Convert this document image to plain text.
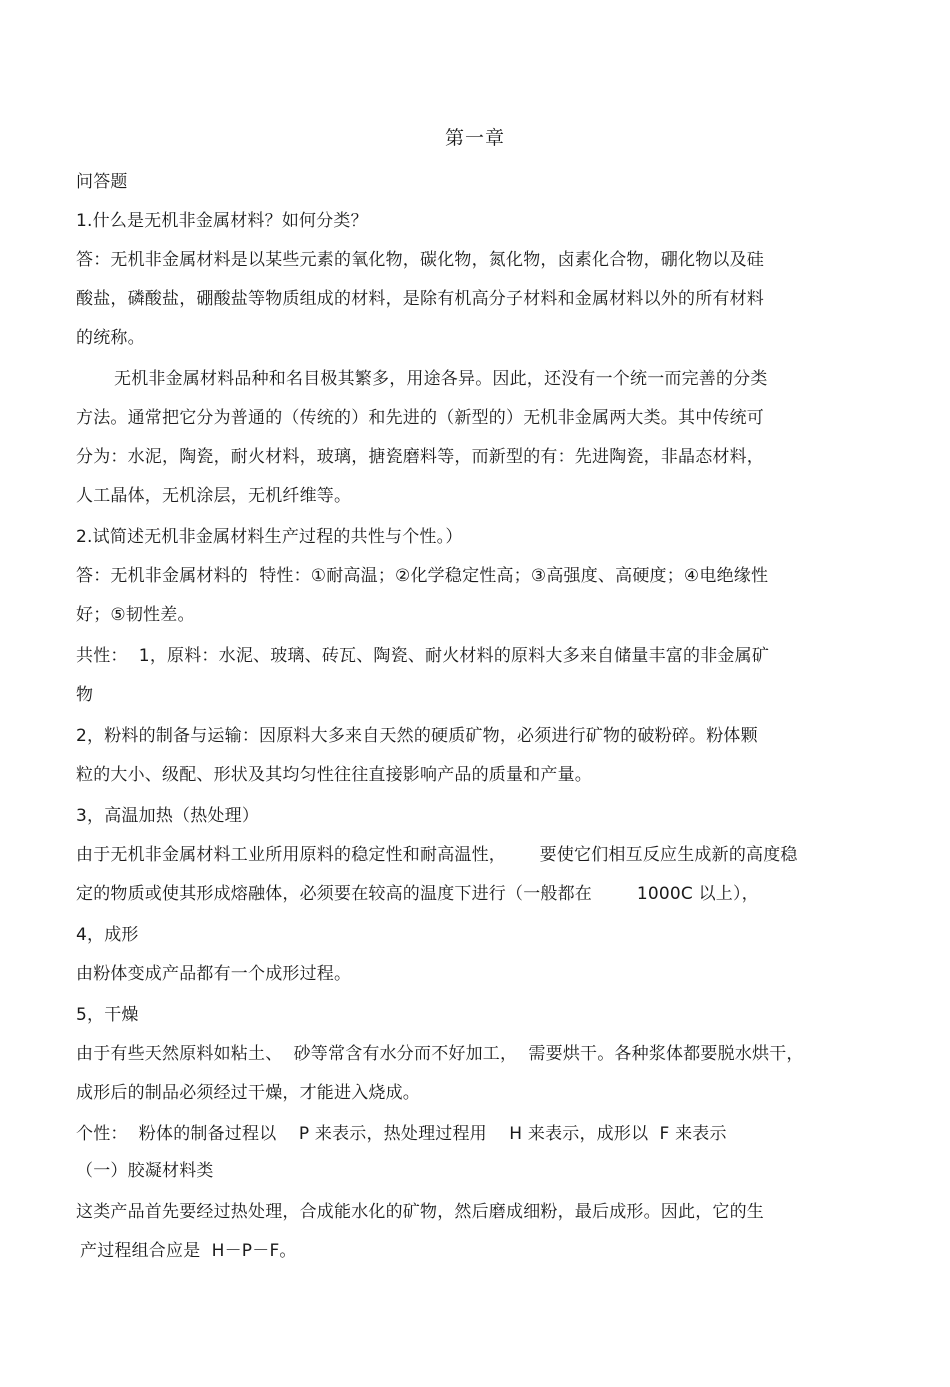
第一章
问答题
1.什么是无机非金属材料？如何分类？
答：无机非金属材料是以某些元素的氧化物，碳化物，氮化物，卤素化合物，硼化物以及硅
酸盐，磷酸盐，硼酸盐等物质组成的材料，是除有机高分子材料和金属材料以外的所有材料
的统称。
无机非金属材料品种和名目极其繁多，用途各异。因此，还没有一个统一而完善的分类
方法。通常把它分为普通的（传统的）和先进的（新型的）无机非金属两大类。其中传统可
分为：水泥，陶瓷，耐火材料，玻璃，搪瓷磨料等，而新型的有：先进陶瓷，非晶态材料，
人工晶体，无机涂层，无机纤维等。
2.试简述无机非金属材料生产过程的共性与个性。）
答：无机非金属材料的  特性：①耐高温；②化学稳定性高；③高强度、高硬度；④电绝缘性
好；⑤韧性差。
共性：  1，原料：水泥、玻璃、砖瓦、陶瓷、耐火材料的原料大多来自储量丰富的非金属矿
物
2，粉料的制备与运输：因原料大多来自天然的硬质矿物，必须进行矿物的破粉碎。粉体颗
粒的大小、级配、形状及其均匀性往往直接影响产品的质量和产量。
3，高温加热（热处理）
由于无机非金属材料工业所用原料的稳定性和耐高温性，      要使它们相互反应生成新的高度稳
定的物质或使其形成熔融体，必须要在较高的温度下进行（一般都在        1000C 以上），
4，成形
由粉体变成产品都有一个成形过程。
5，干燥
由于有些天然原料如粘土、  砂等常含有水分而不好加工，  需要烘干。各种浆体都要脱水烘干，
成形后的制品必须经过干燥，才能进入烧成。
个性：  粉体的制备过程以    P 来表示，热处理过程用    H 来表示，成形以  F 来表示
（一）胶凝材料类
这类产品首先要经过热处理，合成能水化的矿物，然后磨成细粉，最后成形。因此，它的生
产过程组合应是  H－P－F。
